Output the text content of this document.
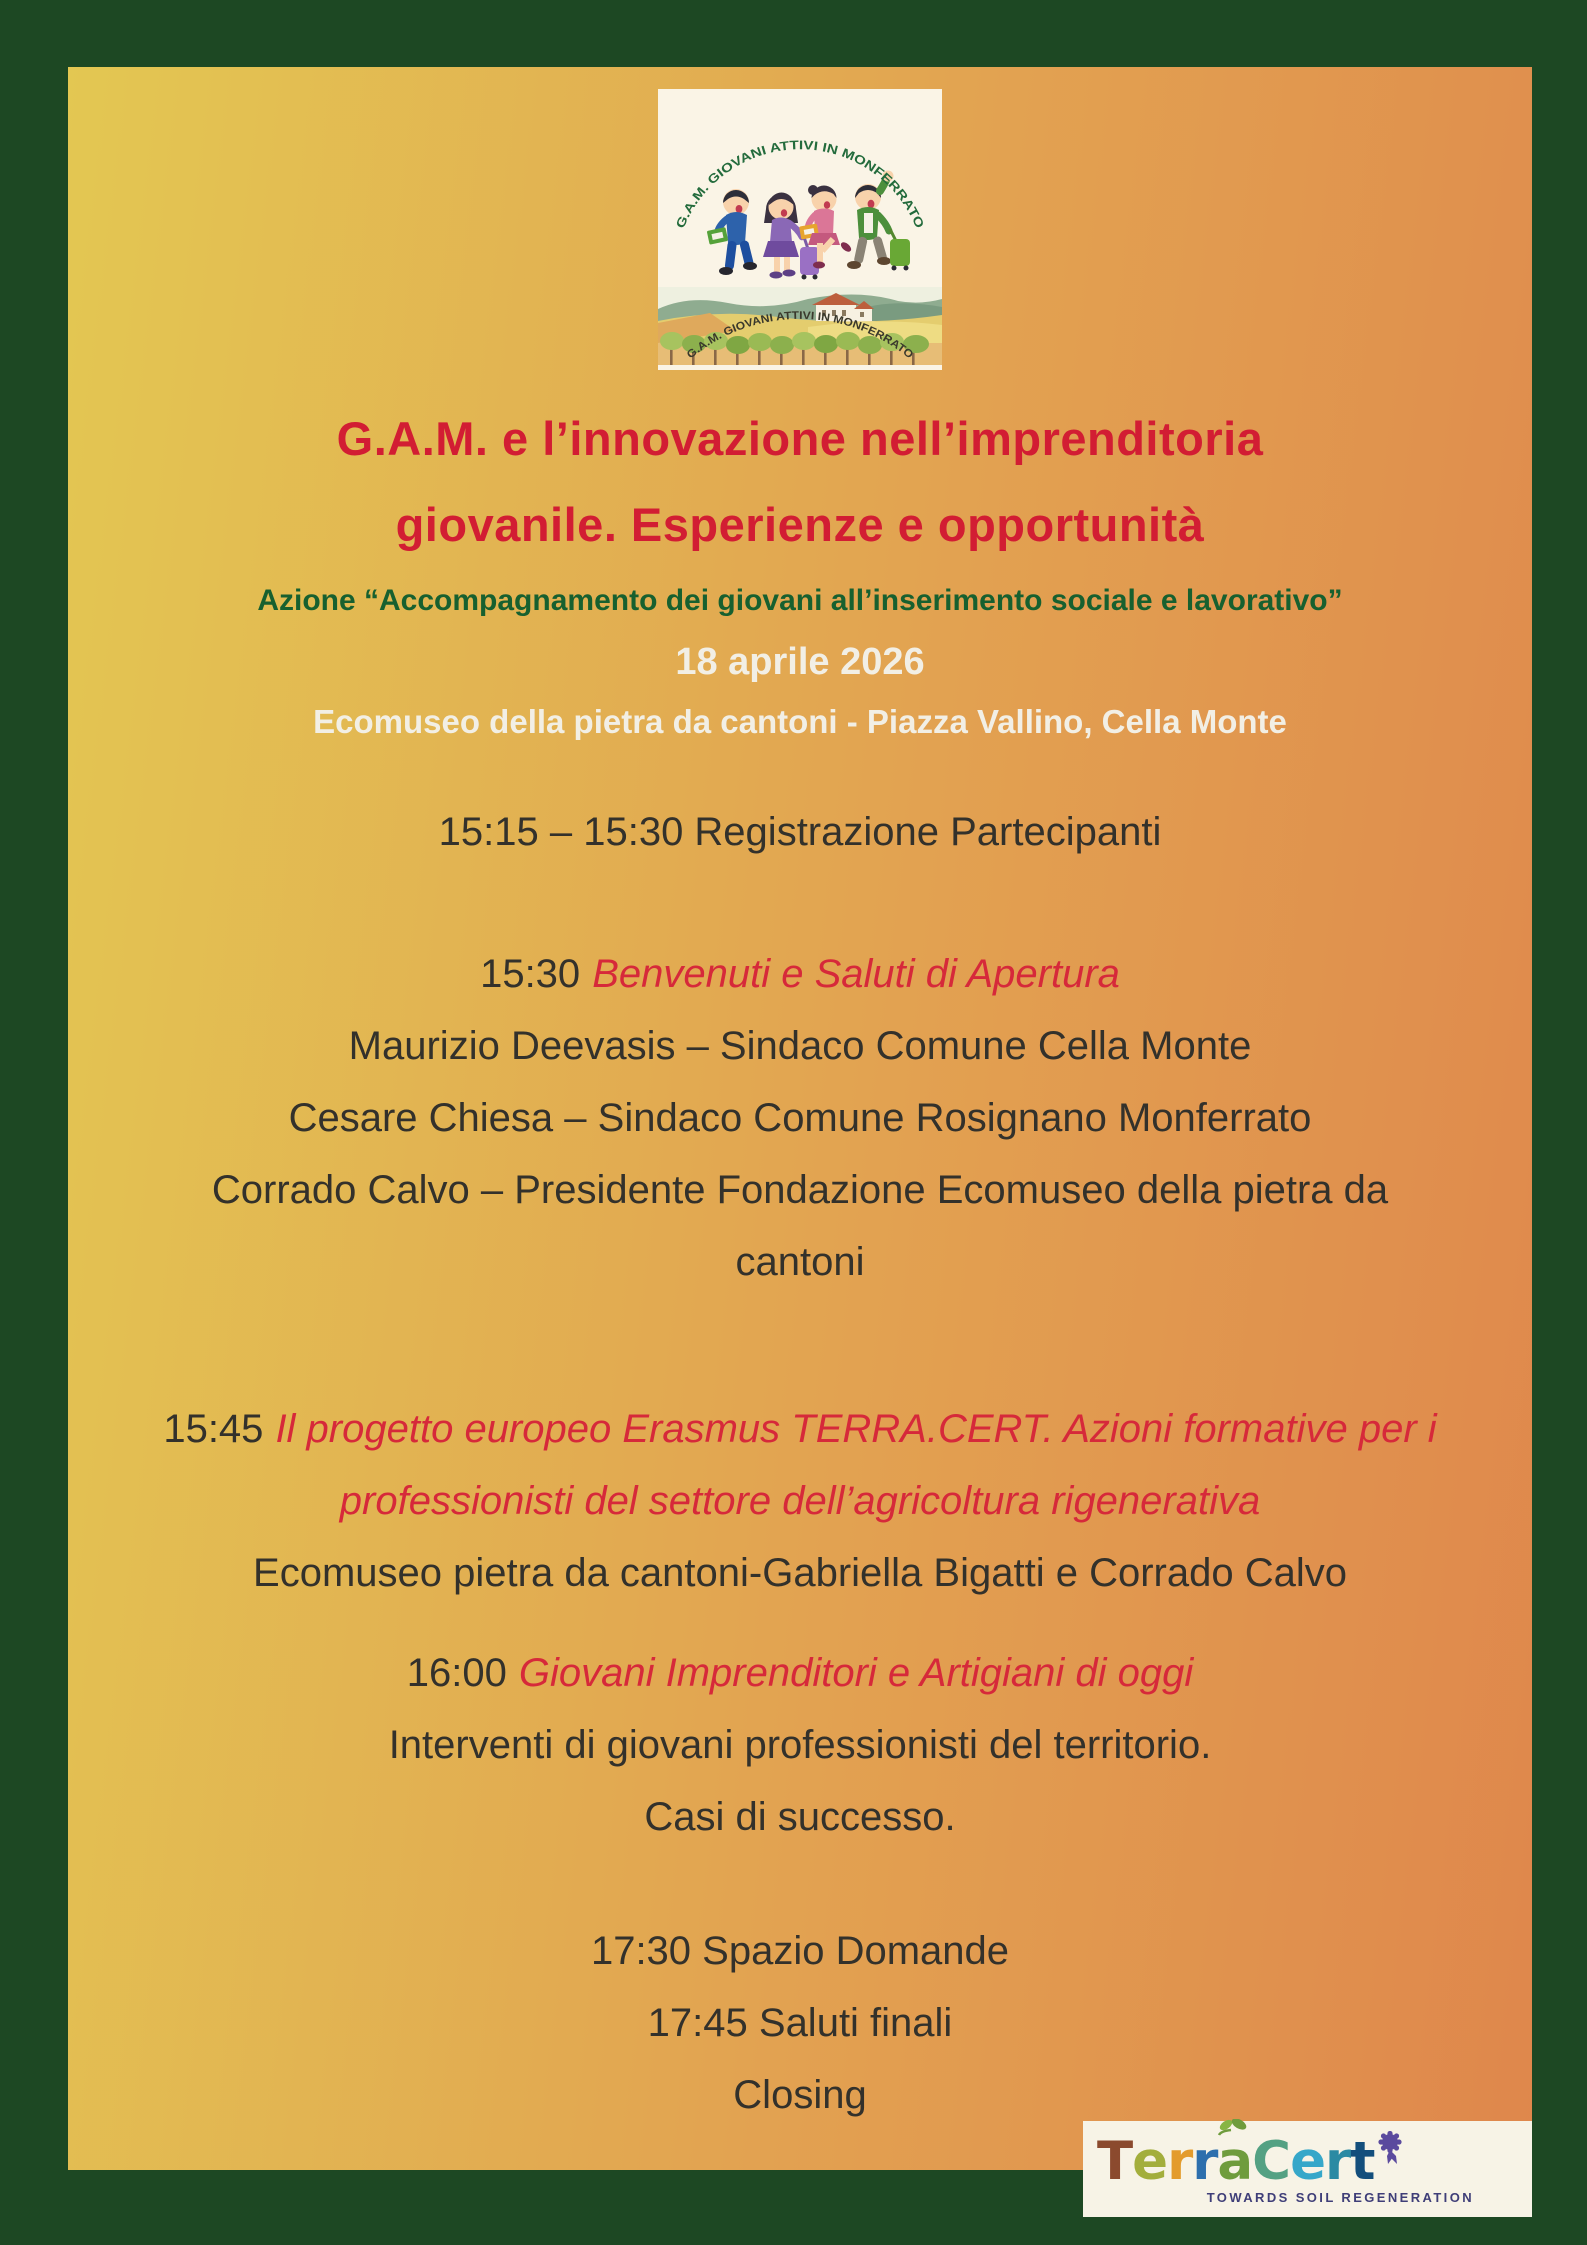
G.A.M. GIOVANI ATTIVI IN MONFERRATO
G.A.M. GIOVANI ATTIVI IN MONFERRATO
G.A.M. e l’innovazione nell’imprenditoria
giovanile. Esperienze e opportunità
Azione “Accompagnamento dei giovani all’inserimento sociale e lavorativo”
18 aprile 2026
Ecomuseo della pietra da cantoni - Piazza Vallino, Cella Monte

15:15 – 15:30 Registrazione Partecipanti

15:30 Benvenuti e Saluti di Apertura

Maurizio Deevasis – Sindaco Comune Cella Monte

Cesare Chiesa – Sindaco Comune Rosignano Monferrato

Corrado Calvo – Presidente Fondazione Ecomuseo della pietra da cantoni

15:45 Il progetto europeo Erasmus TERRA.CERT. Azioni formative per i professionisti del settore dell’agricoltura rigenerativa

Ecomuseo pietra da cantoni-Gabriella Bigatti e Corrado Calvo

16:00 Giovani Imprenditori e Artigiani di oggi

Interventi di giovani professionisti del territorio.

Casi di successo.

17:30 Spazio Domande

17:45 Saluti finali

Closing

T e r r a C e r t
TOWARDS SOIL REGENERATION
